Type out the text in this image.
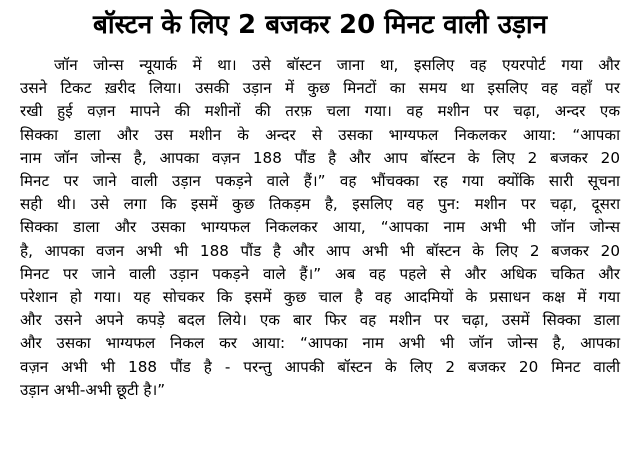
बॉस्टन के लिए 2 बजकर 20 मिनट वाली उड़ान
जॉन जोन्स न्यूयार्क में था। उसे बॉस्टन जाना था, इसलिए वह एयरपोर्ट गया और
उसने टिकट ख़रीद लिया। उसकी उड़ान में कुछ मिनटों का समय था इसलिए वह वहाँ पर
रखी हुई वज़न मापने की मशीनों की तरफ़ चला गया। वह मशीन पर चढ़ा, अन्दर एक
सिक्का डाला और उस मशीन के अन्दर से उसका भाग्यफल निकलकर आया: “आपका
नाम जॉन जोन्स है, आपका वज़न 188 पौंड है और आप बॉस्टन के लिए 2 बजकर 20
मिनट पर जाने वाली उड़ान पकड़ने वाले हैं।” वह भौंचक्का रह गया क्योंकि सारी सूचना
सही थी। उसे लगा कि इसमें कुछ तिकड़म है, इसलिए वह पुन: मशीन पर चढ़ा, दूसरा
सिक्का डाला और उसका भाग्यफल निकलकर आया, “आपका नाम अभी भी जॉन जोन्स
है, आपका वजन अभी भी 188 पौंड है और आप अभी भी बॉस्टन के लिए 2 बजकर 20
मिनट पर जाने वाली उड़ान पकड़ने वाले हैं।” अब वह पहले से और अधिक चकित और
परेशान हो गया। यह सोचकर कि इसमें कुछ चाल है वह आदमियों के प्रसाधन कक्ष में गया
और उसने अपने कपड़े बदल लिये। एक बार फिर वह मशीन पर चढ़ा, उसमें सिक्का डाला
और उसका भाग्यफल निकल कर आया: “आपका नाम अभी भी जॉन जोन्स है, आपका
वज़न अभी भी 188 पौंड है - परन्तु आपकी बॉस्टन के लिए 2 बजकर 20 मिनट वाली
उड़ान अभी-अभी छूटी है।”
